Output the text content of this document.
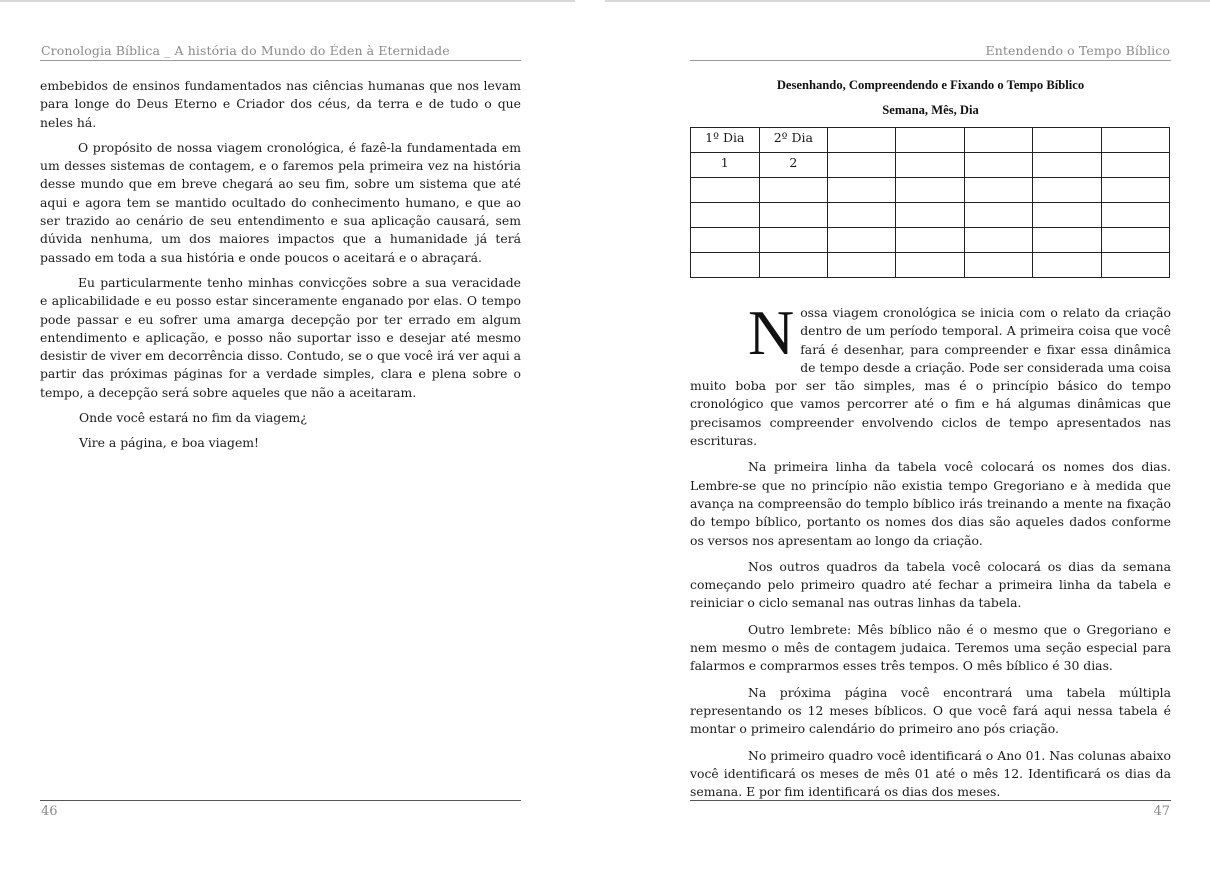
Cronologia Bíblica _ A história do Mundo do Éden à Eternidade

embebidos de ensinos fundamentados nas ciências humanas que nos levam para longe do Deus Eterno e Criador dos céus, da terra e de tudo o que neles há.

O propósito de nossa viagem cronológica, é fazê-la fundamentada em um desses sistemas de contagem, e o faremos pela primeira vez na história desse mundo que em breve chegará ao seu fim, sobre um sistema que até aqui e agora tem se mantido ocultado do conhecimento humano, e que ao ser trazido ao cenário de seu entendimento e sua aplicação causará, sem dúvida nenhuma, um dos maiores impactos que a humanidade já terá passado em toda a sua história e onde poucos o aceitará e o abraçará.

Eu particularmente tenho minhas convicções sobre a sua veracidade e aplicabilidade e eu posso estar sinceramente enganado por elas. O tempo pode passar e eu sofrer uma amarga decepção por ter errado em algum entendimento e aplicação, e posso não suportar isso e desejar até mesmo desistir de viver em decorrência disso. Contudo, se o que você irá ver aqui a partir das próximas páginas for a verdade simples, clara e plena sobre o tempo, a decepção será sobre aqueles que não a aceitaram.

Onde você estará no fim da viagem¿

Vire a página, e boa viagem!

46
Entendendo o Tempo Bíblico
Desenhando, Compreendendo e Fixando o Tempo Bíblico
Semana, Mês, Dia
1º Dia	2º Dia					
1	2					

Nossa viagem cronológica se inicia com o relato da criação dentro de um período temporal. A primeira coisa que você fará é desenhar, para compreender e fixar essa dinâmica de tempo desde a criação. Pode ser considerada uma coisa muito boba por ser tão simples, mas é o princípio básico do tempo cronológico que vamos percorrer até o fim e há algumas dinâmicas que precisamos compreender envolvendo ciclos de tempo apresentados nas escrituras.

Na primeira linha da tabela você colocará os nomes dos dias. Lembre-se que no princípio não existia tempo Gregoriano e à medida que avança na compreensão do templo bíblico irás treinando a mente na fixação do tempo bíblico, portanto os nomes dos dias são aqueles dados conforme os versos nos apresentam ao longo da criação.

Nos outros quadros da tabela você colocará os dias da semana começando pelo primeiro quadro até fechar a primeira linha da tabela e reiniciar o ciclo semanal nas outras linhas da tabela.

Outro lembrete: Mês bíblico não é o mesmo que o Gregoriano e nem mesmo o mês de contagem judaica. Teremos uma seção especial para falarmos e comprarmos esses três tempos. O mês bíblico é 30 dias.

Na próxima página você encontrará uma tabela múltipla representando os 12 meses bíblicos. O que você fará aqui nessa tabela é montar o primeiro calendário do primeiro ano pós criação.

No primeiro quadro você identificará o Ano 01. Nas colunas abaixo você identificará os meses de mês 01 até o mês 12. Identificará os dias da semana. E por fim identificará os dias dos meses.

47
